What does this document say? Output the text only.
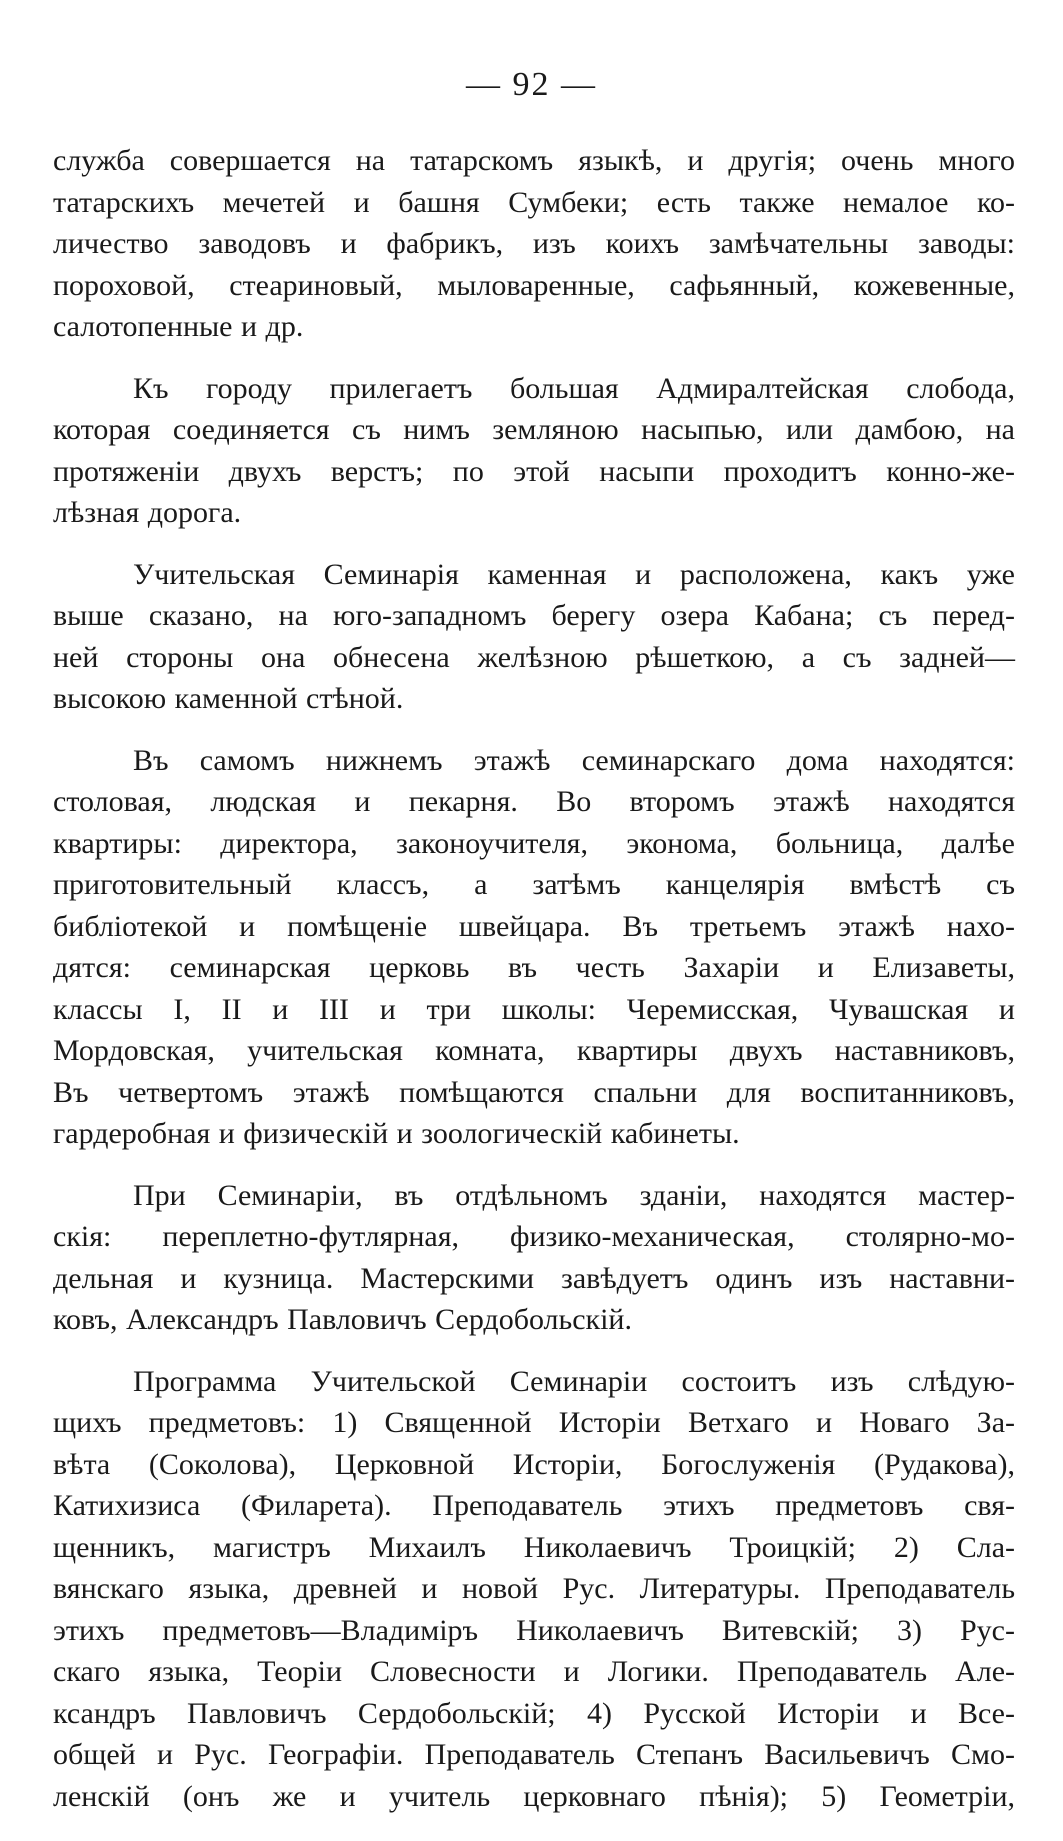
— 92 —
служба совершается на татарскомъ языкѣ, и другія; очень много
татарскихъ мечетей и башня Сумбеки; есть также немалое ко-
личество заводовъ и фабрикъ, изъ коихъ замѣчательны заводы:
пороховой, стеариновый, мыловаренные, сафьянный, кожевенные,
салотопенные и др.
Къ городу прилегаетъ большая Адмиралтейская слобода,
которая соединяется съ нимъ земляною насыпью, или дамбою, на
протяженіи двухъ верстъ; по этой насыпи проходитъ конно-же-
лѣзная дорога.
Учительская Семинарія каменная и расположена, какъ уже
выше сказано, на юго-западномъ берегу озера Кабана; съ перед-
ней стороны она обнесена желѣзною рѣшеткою, а съ задней—
высокою каменной стѣной.
Въ самомъ нижнемъ этажѣ семинарскаго дома находятся:
столовая, людская и пекарня. Во второмъ этажѣ находятся
квартиры: директора, законоучителя, эконома, больница, далѣе
приготовительный классъ, а затѣмъ канцелярія вмѣстѣ съ
библіотекой и помѣщеніе швейцара. Въ третьемъ этажѣ нахо-
дятся: семинарская церковь въ честь Захаріи и Елизаветы,
классы I, II и III и три школы: Черемисская, Чувашская и
Мордовская, учительская комната, квартиры двухъ наставниковъ,
Въ четвертомъ этажѣ помѣщаются спальни для воспитанниковъ,
гардеробная и физическій и зоологическій кабинеты.
При Семинаріи, въ отдѣльномъ зданіи, находятся мастер-
скія: переплетно-футлярная, физико-механическая, столярно-мо-
дельная и кузница. Мастерскими завѣдуетъ одинъ изъ наставни-
ковъ, Александръ Павловичъ Сердобольскій.
Программа Учительской Семинаріи состоитъ изъ слѣдую-
щихъ предметовъ: 1) Священной Исторіи Ветхаго и Новаго За-
вѣта (Соколова), Церковной Исторіи, Богослуженія (Рудакова),
Катихизиса (Филарета). Преподаватель этихъ предметовъ свя-
щенникъ, магистръ Михаилъ Николаевичъ Троицкій; 2) Сла-
вянскаго языка, древней и новой Рус. Литературы. Преподаватель
этихъ предметовъ—Владиміръ Николаевичъ Витевскій; 3) Рус-
скаго языка, Теоріи Словесности и Логики. Преподаватель Але-
ксандръ Павловичъ Сердобольскій; 4) Русской Исторіи и Все-
общей и Рус. Географіи. Преподаватель Степанъ Васильевичъ Смо-
ленскій (онъ же и учитель церковнаго пѣнія); 5) Геометріи,
